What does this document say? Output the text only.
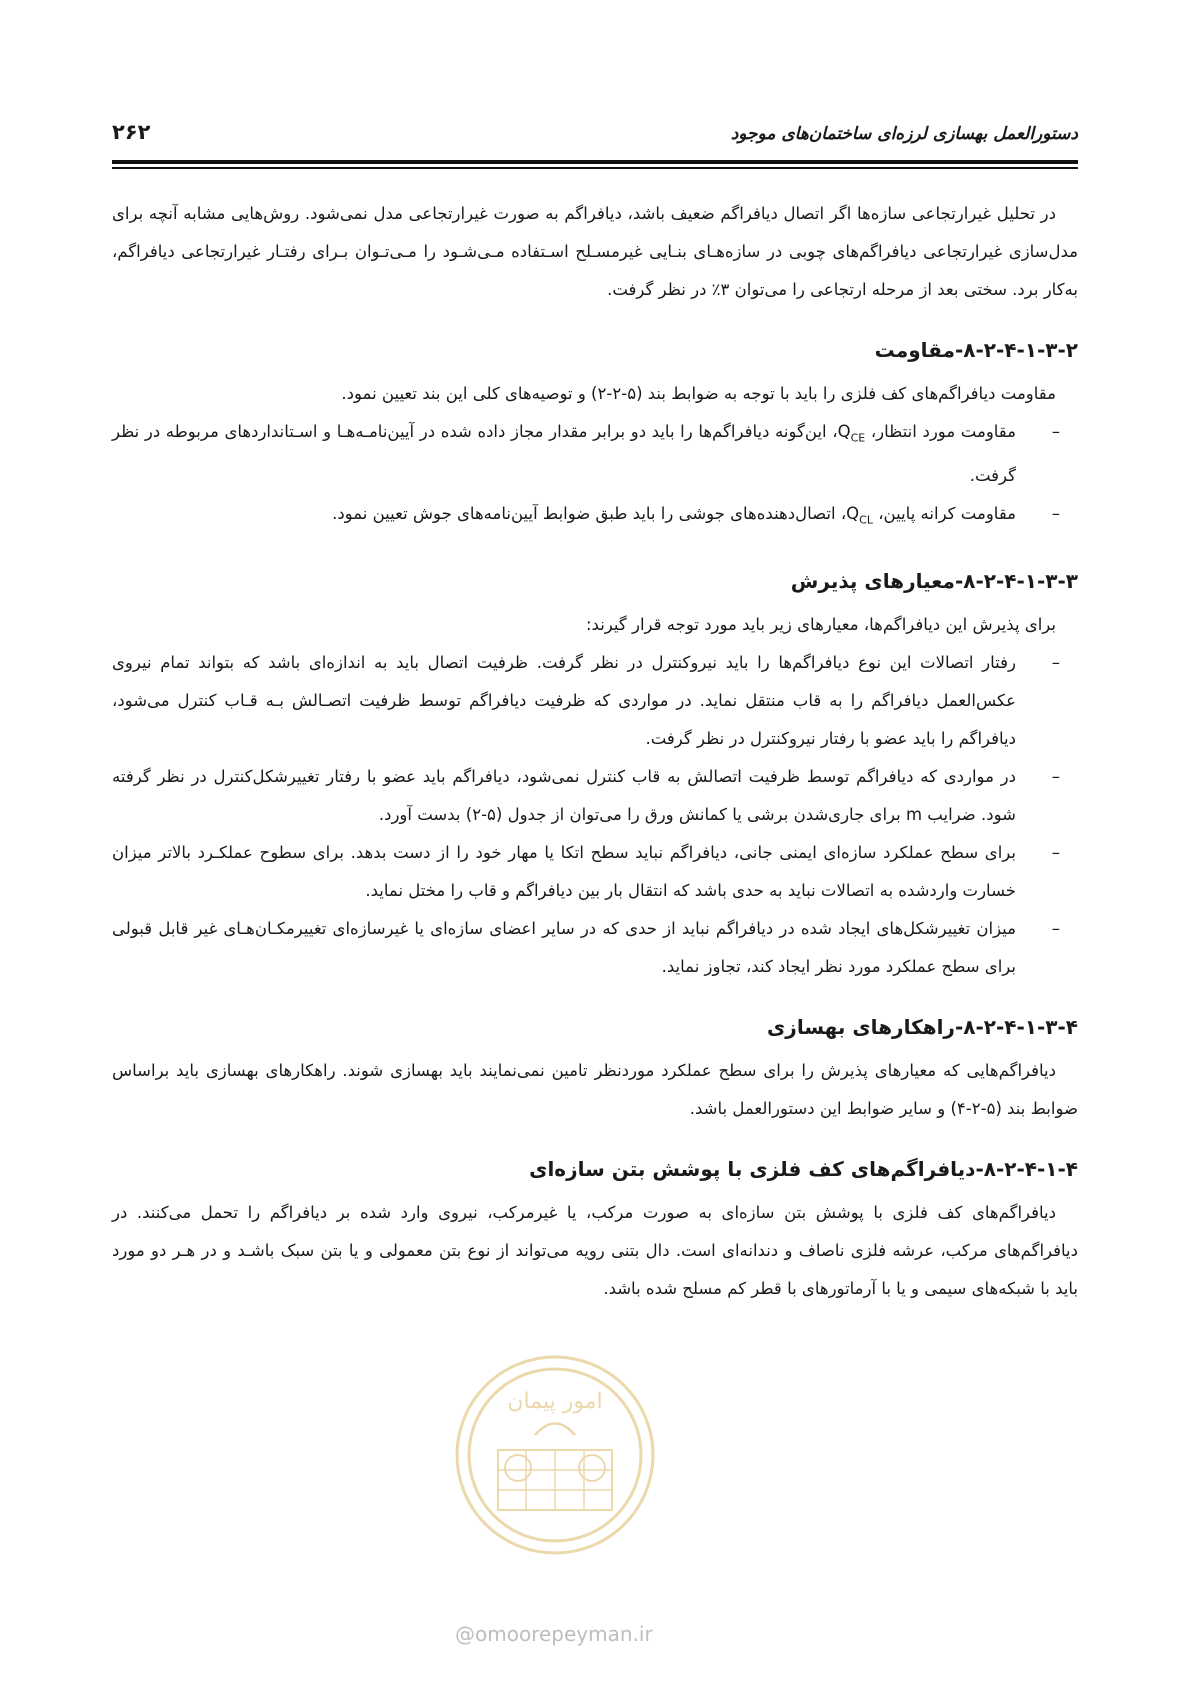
۲۶۲	دستورالعمل بهسازی لرزه‌ای ساختمان‌های موجود

در تحلیل غیرارتجاعی سازه‌ها اگر اتصال دیافراگم ضعیف باشد، دیافراگم به صورت غیرارتجاعی مدل نمی‌شود. روش‌هایی مشابه آنچه برای مدل‌سازی غیرارتجاعی دیافراگم‌های چوبی در سازه‌هـای بنـایی غیرمسـلح اسـتفاده مـی‌شـود را مـی‌تـوان بـرای رفتـار غیرارتجاعی دیافراگم، به‌کار برد. سختی بعد از مرحله ارتجاعی را می‌توان ۳٪ در نظر گرفت.

۸-۲-۴-۱-۳-۲-مقاومت

مقاومت دیافراگم‌های کف فلزی را باید با توجه به ضوابط بند (۵-۲-۲) و توصیه‌های کلی این بند تعیین نمود.

–
مقاومت مورد انتظار، $Q_{CE}،$ این‌گونه دیافراگم‌ها را باید دو برابر مقدار مجاز داده شده در آیین‌نامـه‌هـا و اسـتانداردهای مربوطه در نظر گرفت.
–
مقاومت کرانه پایین، $Q_{CL}،$ اتصال‌دهنده‌های جوشی را باید طبق ضوابط آیین‌نامه‌های جوش تعیین نمود.
۸-۲-۴-۱-۳-۳-معیارهای پذیرش

برای پذیرش این دیافراگم‌ها، معیارهای زیر باید مورد توجه قرار گیرند:

–
رفتار اتصالات این نوع دیافراگم‌ها را باید نیروکنترل در نظر گرفت. ظرفیت اتصال باید به اندازه‌ای باشد که بتواند تمام نیروی عکس‌العمل دیافراگم را به قاب منتقل نماید. در مواردی که ظرفیت دیافراگم توسط ظرفیت اتصـالش بـه قـاب کنترل می‌شود، دیافراگم را باید عضو با رفتار نیروکنترل در نظر گرفت.
–
در مواردی که دیافراگم توسط ظرفیت اتصالش به قاب کنترل نمی‌شود، دیافراگم باید عضو با رفتار تغییرشکل‌کنترل در نظر گرفته شود. ضرایب m برای جاری‌شدن برشی یا کمانش ورق را می‌توان از جدول (۵-۲) بدست آورد.
–
برای سطح عملکرد سازه‌ای ایمنی جانی، دیافراگم نباید سطح اتکا یا مهار خود را از دست بدهد. برای سطوح عملکـرد بالاتر میزان خسارت واردشده به اتصالات نباید به حدی باشد که انتقال بار بین دیافراگم و قاب را مختل نماید.
–
میزان تغییرشکل‌های ایجاد شده در دیافراگم نباید از حدی که در سایر اعضای سازه‌ای یا غیرسازه‌ای تغییرمکـان‌هـای غیر قابل قبولی برای سطح عملکرد مورد نظر ایجاد کند، تجاوز نماید.
۸-۲-۴-۱-۳-۴-راهکارهای بهسازی

دیافراگم‌هایی که معیارهای پذیرش را برای سطح عملکرد موردنظر تامین نمی‌نمایند باید بهسازی شوند. راهکارهای بهسازی باید براساس ضوابط بند (۵-۲-۴) و سایر ضوابط این دستورالعمل باشد.

۸-۲-۴-۱-۴-دیافراگم‌های کف فلزی با پوشش بتن سازه‌ای

دیافراگم‌های کف فلزی با پوشش بتن سازه‌ای به صورت مرکب، یا غیرمرکب، نیروی وارد شده بر دیافراگم را تحمل می‌کنند. در دیافراگم‌های مرکب، عرشه فلزی ناصاف و دندانه‌ای است. دال بتنی رویه می‌تواند از نوع بتن معمولی و یا بتن سبک باشـد و در هـر دو مورد باید با شبکه‌های سیمی و یا با آرماتورهای با قطر کم مسلح شده باشد.

امور پیمان
@omoorepeyman.ir
